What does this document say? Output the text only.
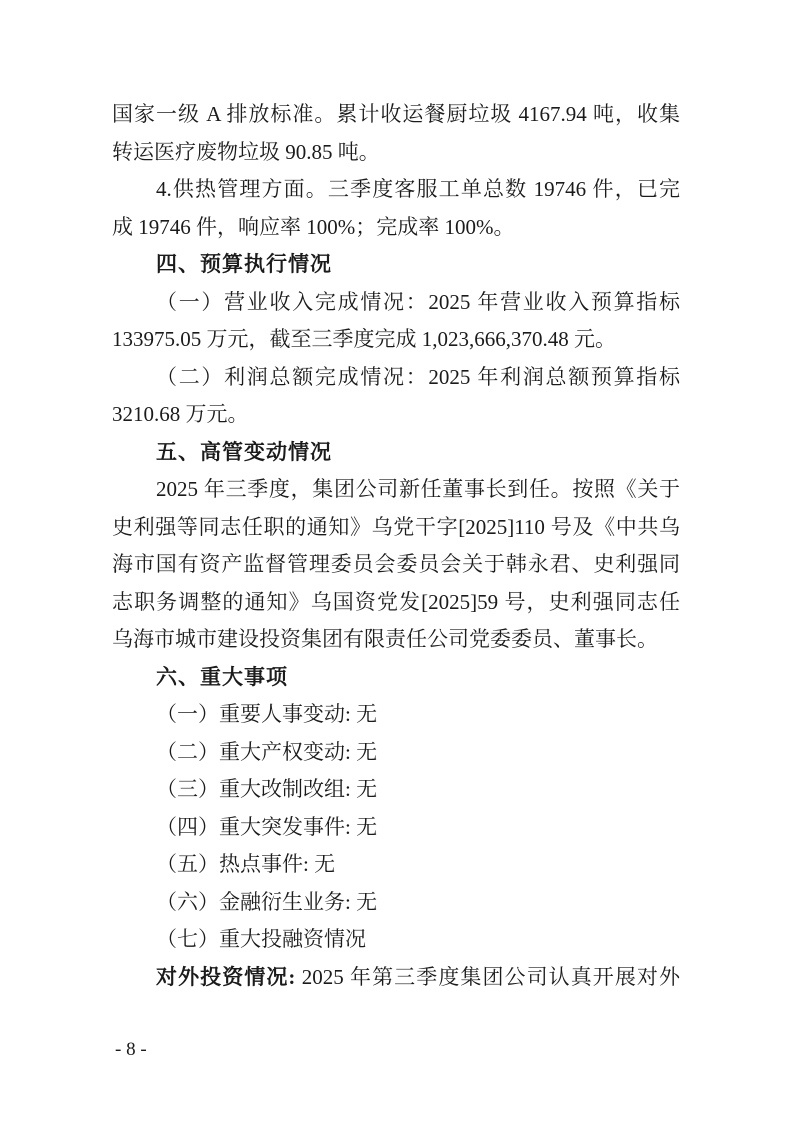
国家一级 A 排放标准。累计收运餐厨垃圾 4167.94 吨，收集
转运医疗废物垃圾 90.85 吨。
4.供热管理方面。三季度客服工单总数 19746 件，已完
成 19746 件，响应率 100%；完成率 100%。
四、预算执行情况
（一）营业收入完成情况：2025 年营业收入预算指标
133975.05 万元，截至三季度完成 1,023,666,370.48 元。
（二）利润总额完成情况：2025 年利润总额预算指标
3210.68 万元。
五、高管变动情况
2025 年三季度，集团公司新任董事长到任。按照《关于
史利强等同志任职的通知》乌党干字[2025]110 号及《中共乌
海市国有资产监督管理委员会委员会关于韩永君、史利强同
志职务调整的通知》乌国资党发[2025]59 号，史利强同志任
乌海市城市建设投资集团有限责任公司党委委员、董事长。
六、重大事项
（一）重要人事变动: 无
（二）重大产权变动: 无
（三）重大改制改组: 无
（四）重大突发事件: 无
（五）热点事件: 无
（六）金融衍生业务: 无
（七）重大投融资情况
对外投资情况: 2025 年第三季度集团公司认真开展对外
- 8 -
